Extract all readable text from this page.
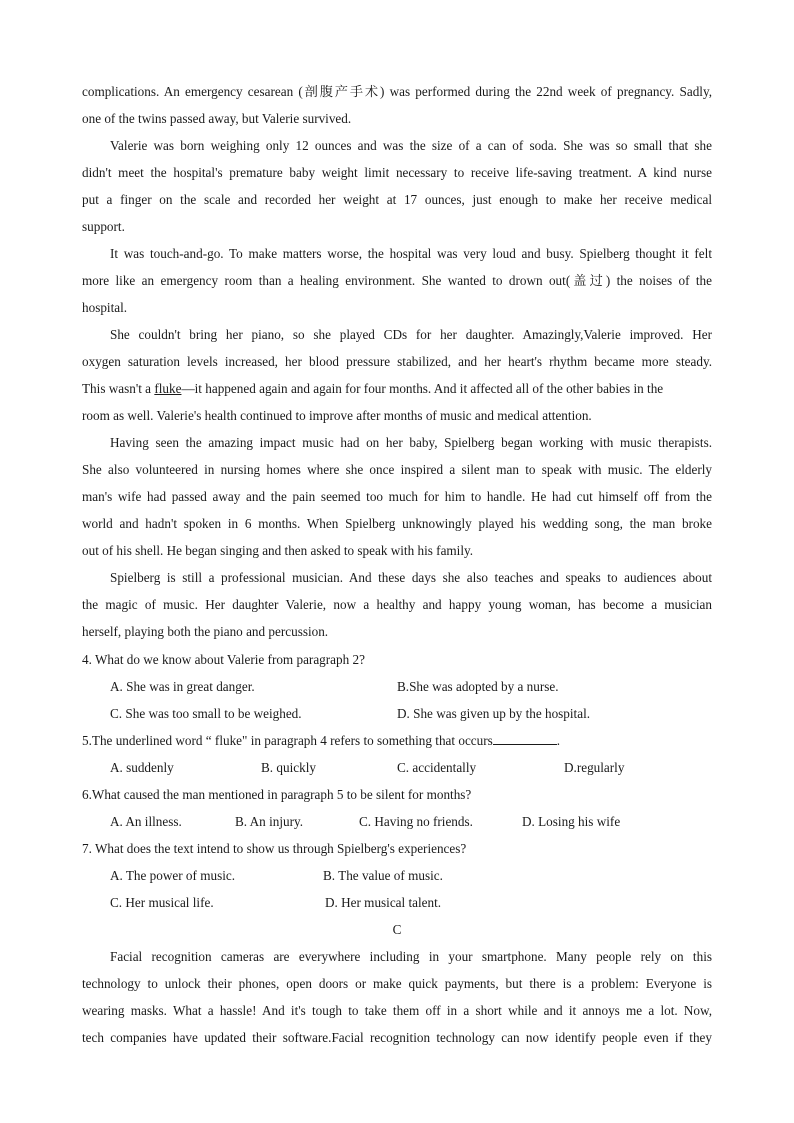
complications. An emergency cesarean (剖腹产手术) was performed during the 22nd week of pregnancy. Sadly,
one of the twins passed away, but Valerie survived.
Valerie was born weighing only 12 ounces and was the size of a can of soda. She was so small that she
didn't meet the hospital's premature baby weight limit necessary to receive life-saving treatment. A kind nurse
put a finger on the scale and recorded her weight at 17 ounces, just enough to make her receive medical
support.
It was touch-and-go. To make matters worse, the hospital was very loud and busy. Spielberg thought it felt
more like an emergency room than a healing environment. She wanted to drown out(盖过) the noises of the
hospital.
She couldn't bring her piano, so she played CDs for her daughter. Amazingly,Valerie improved. Her
oxygen saturation levels increased, her blood pressure stabilized, and her heart's rhythm became more steady.
This wasn't a fluke—it happened again and again for four months. And it affected all of the other babies in the
room as well. Valerie's health continued to improve after months of music and medical attention.
Having seen the amazing impact music had on her baby, Spielberg began working with music therapists.
She also volunteered in nursing homes where she once inspired a silent man to speak with music. The elderly
man's wife had passed away and the pain seemed too much for him to handle. He had cut himself off from the
world and hadn't spoken in 6 months. When Spielberg unknowingly played his wedding song, the man broke
out of his shell. He began singing and then asked to speak with his family.
Spielberg is still a professional musician. And these days she also teaches and speaks to audiences about
the magic of music. Her daughter Valerie, now a healthy and happy young woman, has become a musician
herself, playing both the piano and percussion.
4. What do we know about Valerie from paragraph 2?
A. She was in great danger.	B.She was adopted by a nurse.
C. She was too small to be weighed.	D. She was given up by the hospital.
5.The underlined word “ fluke" in paragraph 4 refers to something that occurs	.
A. suddenly	B. quickly	C. accidentally	D.regularly
6.What caused the man mentioned in paragraph 5 to be silent for months?
A. An illness.	B. An injury.	C. Having no friends.	D. Losing his wife
7. What does the text intend to show us through Spielberg's experiences?
A. The power of music.	B. The value of music.
C. Her musical life.	D. Her musical talent.
C
Facial recognition cameras are everywhere including in your smartphone. Many people rely on this
technology to unlock their phones, open doors or make quick payments, but there is a problem: Everyone is
wearing masks. What a hassle! And it's tough to take them off in a short while and it annoys me a lot. Now,
tech companies have updated their software.Facial recognition technology can now identify people even if they
